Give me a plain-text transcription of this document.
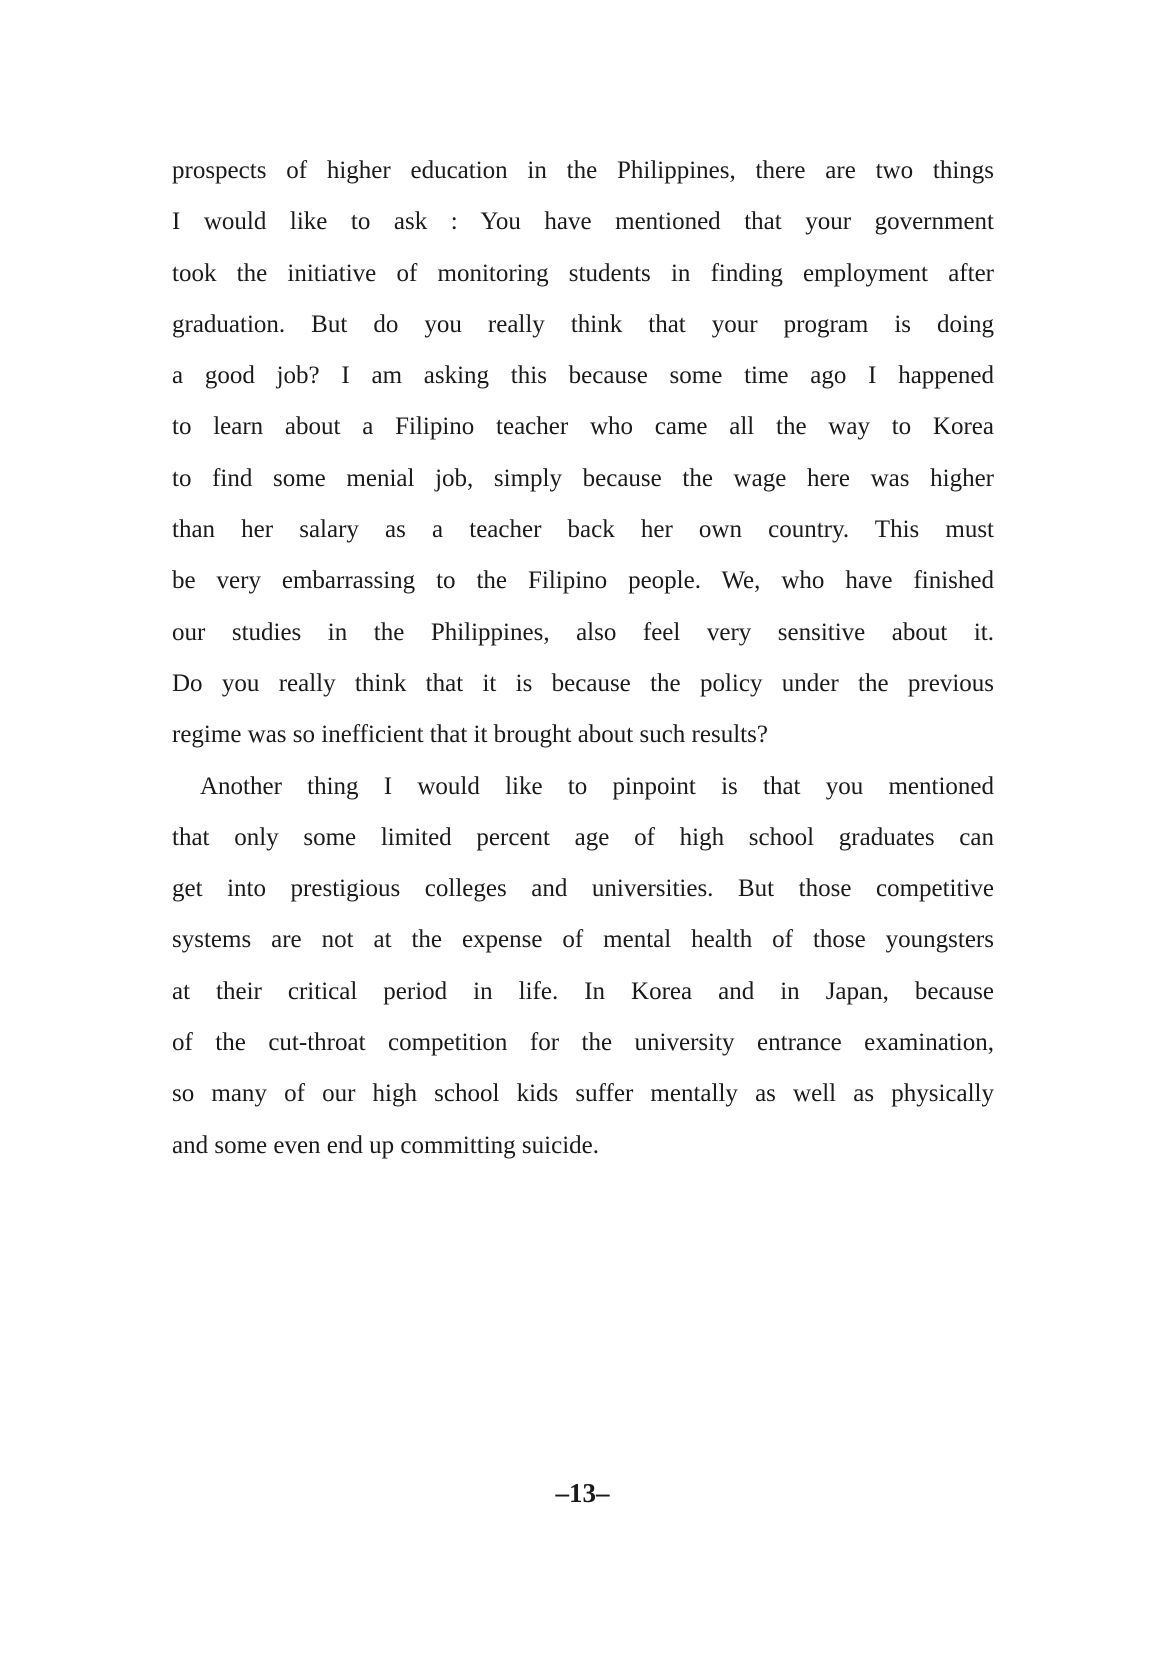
prospects of higher education in the Philippines, there are two things
I would like to ask : You have mentioned that your government
took the initiative of monitoring students in finding employment after
graduation. But do you really think that your program is doing
a good job? I am asking this because some time ago I happened
to learn about a Filipino teacher who came all the way to Korea
to find some menial job, simply because the wage here was higher
than her salary as a teacher back her own country. This must
be very embarrassing to the Filipino people. We, who have finished
our studies in the Philippines, also feel very sensitive about it.
Do you really think that it is because the policy under the previous
regime was so inefficient that it brought about such results?
Another thing I would like to pinpoint is that you mentioned
that only some limited percent age of high school graduates can
get into prestigious colleges and universities. But those competitive
systems are not at the expense of mental health of those youngsters
at their critical period in life. In Korea and in Japan, because
of the cut-throat competition for the university entrance examination,
so many of our high school kids suffer mentally as well as physically
and some even end up committing suicide.
–13–
